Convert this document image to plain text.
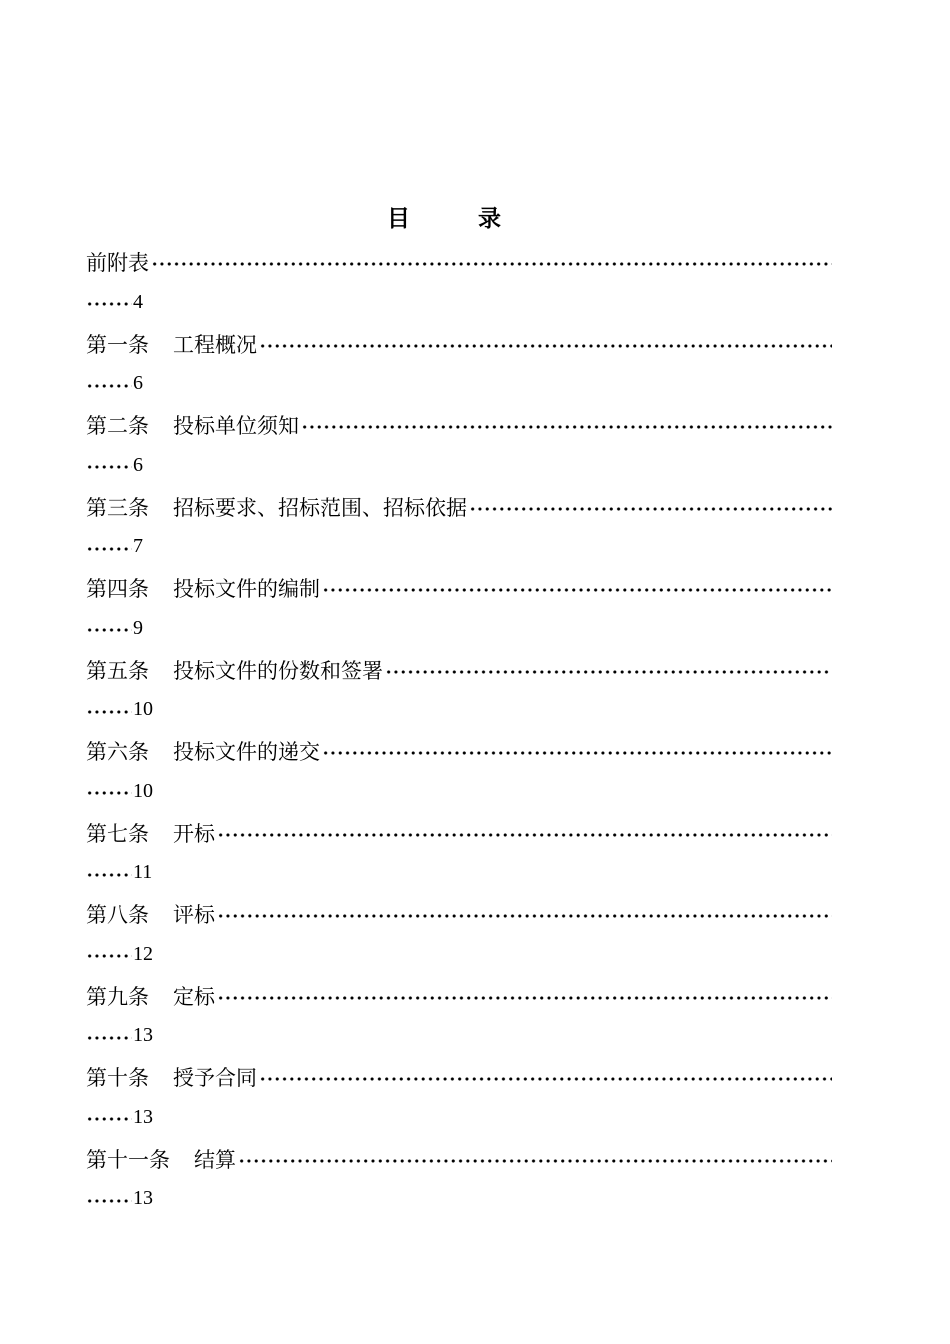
目 录
前附表
4
第一条 工程概况
6
第二条 投标单位须知
6
第三条 招标要求、招标范围、招标依据
7
第四条 投标文件的编制
9
第五条 投标文件的份数和签署
10
第六条 投标文件的递交
10
第七条 开标
11
第八条 评标
12
第九条 定标
13
第十条 授予合同
13
第十一条 结算
13
